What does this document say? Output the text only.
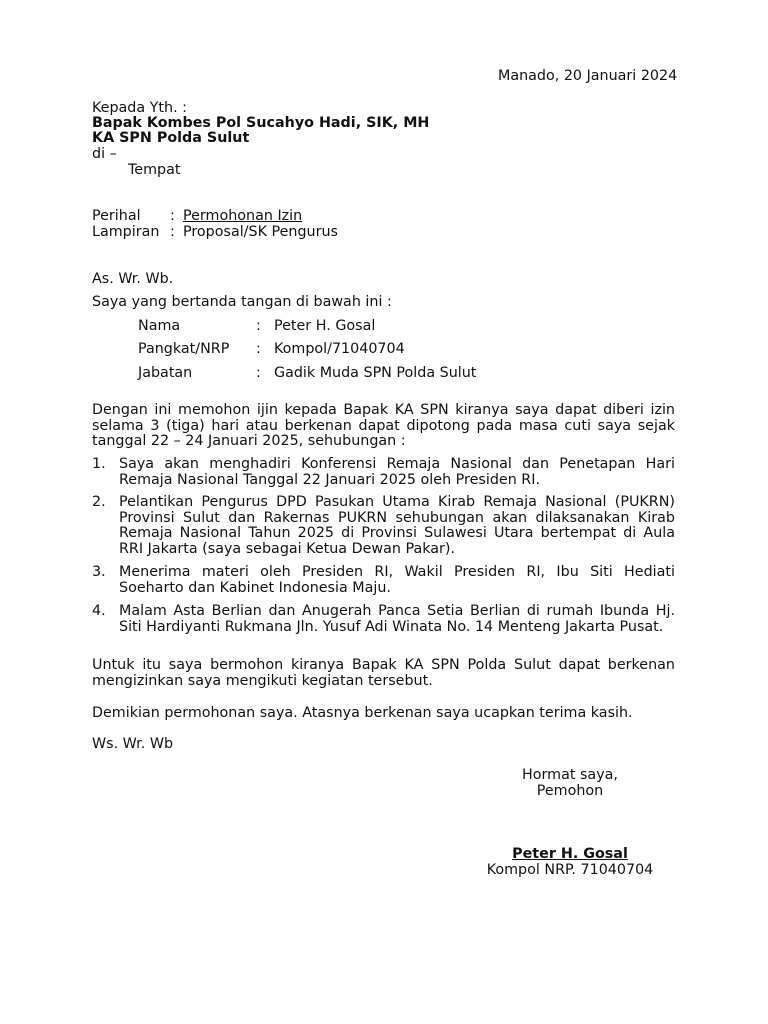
Manado, 20 Januari 2024
Kepada Yth. :
Bapak Kombes Pol Sucahyo Hadi, SIK, MH
KA SPN Polda Sulut
di –
Tempat
Perihal : Permohonan Izin
Lampiran : Proposal/SK Pengurus
As. Wr. Wb.
Saya yang bertanda tangan di bawah ini :
Nama	: Peter H. Gosal
Pangkat/NRP : Kompol/71040704
Jabatan	: Gadik Muda SPN Polda Sulut
Dengan ini memohon ijin kepada Bapak KA SPN kiranya saya dapat diberi izin selama 3 (tiga) hari atau berkenan dapat dipotong pada masa cuti saya sejak tanggal 22 – 24 Januari 2025, sehubungan :
1. Saya akan menghadiri Konferensi Remaja Nasional dan Penetapan Hari Remaja Nasional Tanggal 22 Januari 2025 oleh Presiden RI.
2. Pelantikan Pengurus DPD Pasukan Utama Kirab Remaja Nasional (PUKRN) Provinsi Sulut dan Rakernas PUKRN sehubungan akan dilaksanakan Kirab Remaja Nasional Tahun 2025 di Provinsi Sulawesi Utara bertempat di Aula RRI Jakarta (saya sebagai Ketua Dewan Pakar).
3. Menerima materi oleh Presiden RI, Wakil Presiden RI, Ibu Siti Hediati Soeharto dan Kabinet Indonesia Maju.
4. Malam Asta Berlian dan Anugerah Panca Setia Berlian di rumah Ibunda Hj. Siti Hardiyanti Rukmana Jln. Yusuf Adi Winata No. 14 Menteng Jakarta Pusat.
Untuk itu saya bermohon kiranya Bapak KA SPN Polda Sulut dapat berkenan mengizinkan saya mengikuti kegiatan tersebut.
Demikian permohonan saya. Atasnya berkenan saya ucapkan terima kasih.
Ws. Wr. Wb
Hormat saya,
Pemohon
Peter H. Gosal
Kompol NRP. 71040704
